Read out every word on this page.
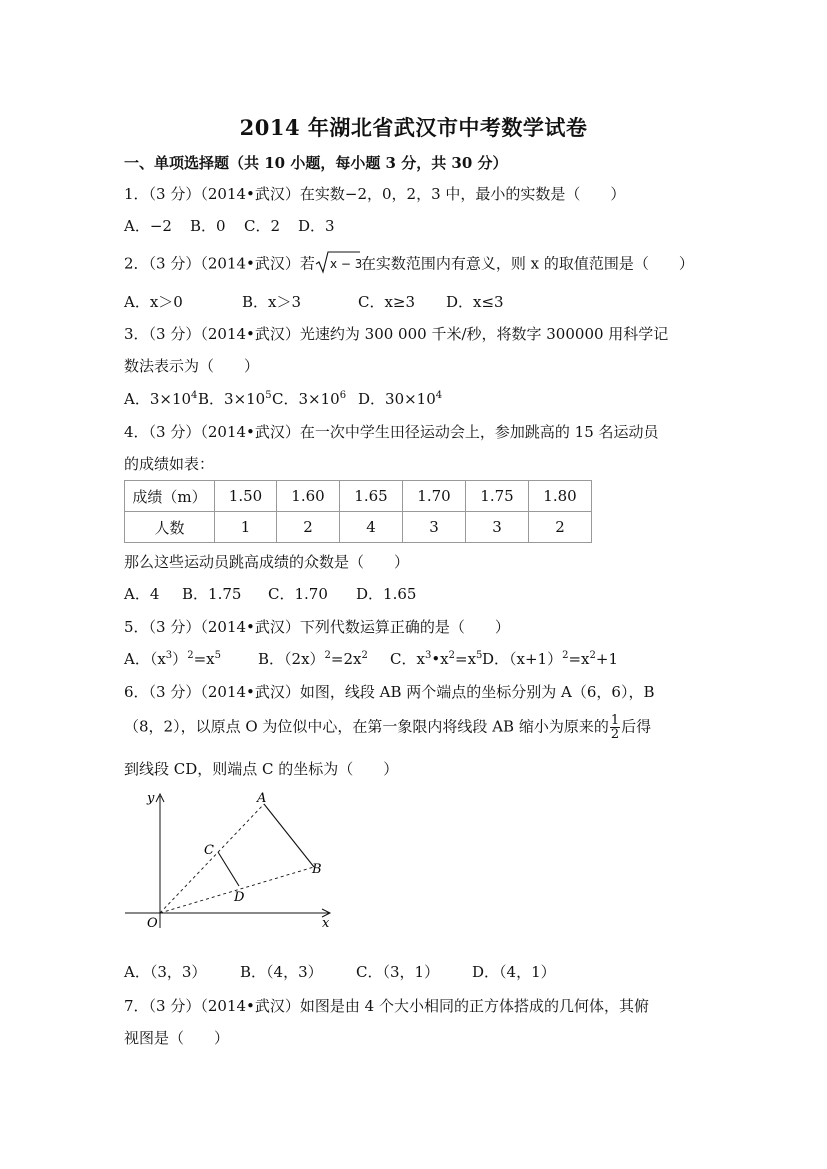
2014 年湖北省武汉市中考数学试卷
一、单项选择题（共 10 小题，每小题 3 分，共 30 分）
1．（3 分）（2014•武汉）在实数−2，0，2，3 中，最小的实数是（　　）
A．−2 B．0 C．2 D．3
2．（3 分）（2014•武汉）若 x − 3
在实数范围内有意义，则 x 的取值范围是（　　）
A．x＞0	B．x＞3	C．x≥3 D．x≤3
3．（3 分）（2014•武汉）光速约为 300 000 千米/秒，将数字 300000 用科学记
数法表示为（　　）
A．$3\times 10^4B$．$3\times 10^5C$．$3\times 10^6$ D．$30\times 10^4$
4．（3 分）（2014•武汉）在一次中学生田径运动会上，参加跳高的 15 名运动员
的成绩如表：
成绩（m）	1.50	1.60	1.65	1.70	1.75	1.80
人数	1	2	4	3	3	2
那么这些运动员跳高成绩的众数是（　　）
A．4 B．1.75 C．1.70 D．1.65
5．（3 分）（2014•武汉）下列代数运算正确的是（　　）
A．$(x^3)^2=x^5$ B．$(2x)^2=2x^2$ C．$x^3•x^2=x^5D$．$(x+1)^2=x^2+1$
6．（3 分）（2014•武汉）如图，线段 AB 两个端点的坐标分别为 A（6，6），B
（8，2），以原点 O 为位似中心，在第一象限内将线段 AB 缩小为原来的 $\frac{1}{2}$ 后得
到线段 CD，则端点 C 的坐标为（　　）
y
x
O
A
B
C
D
A．（3，3） B．（4，3） C．（3，1） D．（4，1）
7．（3 分）（2014•武汉）如图是由 4 个大小相同的正方体搭成的几何体，其俯
视图是（　　）
